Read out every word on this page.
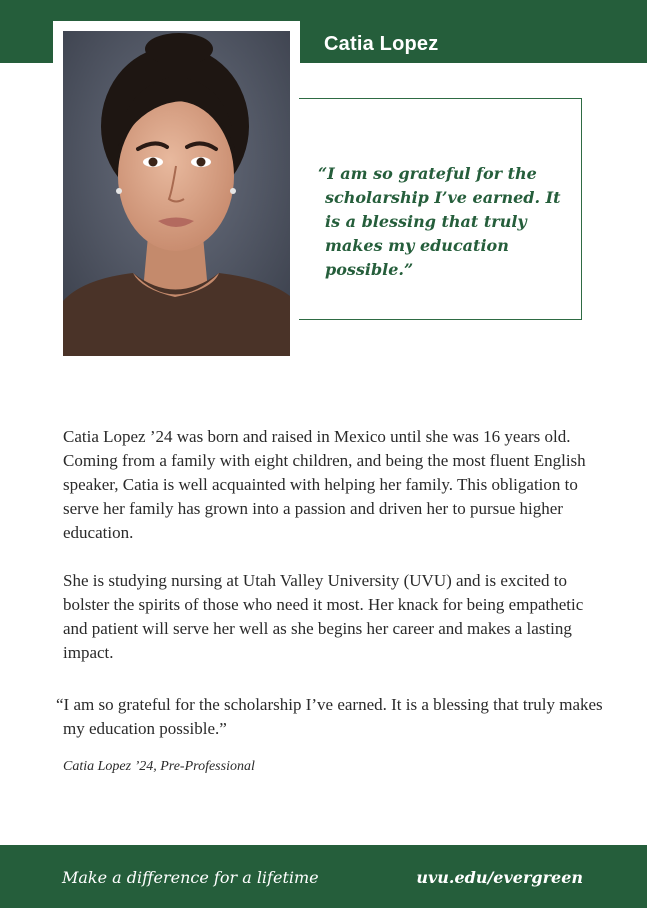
Catia Lopez

“I am so grateful for the scholarship I’ve earned. It is a blessing that truly makes my education possible.”

Catia Lopez ’24 was born and raised in Mexico until she was 16 years old. Coming from a family with eight children, and being the most fluent English speaker, Catia is well acquainted with helping her family. This obligation to serve her family has grown into a passion and driven her to pursue higher education.

She is studying nursing at Utah Valley University (UVU) and is excited to bolster the spirits of those who need it most. Her knack for being empathetic and patient will serve her well as she begins her career and makes a lasting impact.

“I am so grateful for the scholarship I’ve earned. It is a blessing that truly makes my education possible.”

Catia Lopez ’24, Pre-Professional
Make a difference for a lifetime	uvu.edu/evergreen
